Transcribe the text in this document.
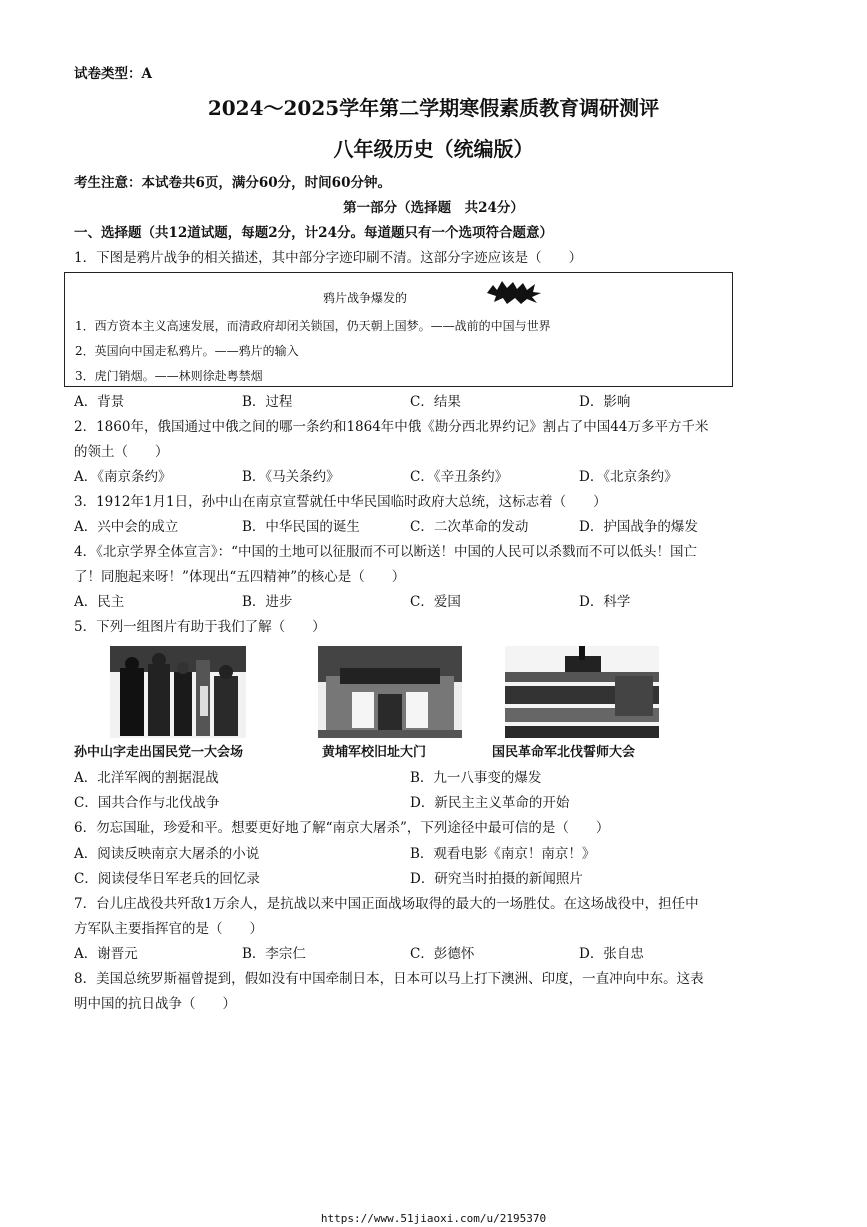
试卷类型：A
2024～2025学年第二学期寒假素质教育调研测评
八年级历史（统编版）
考生注意：本试卷共6页，满分60分，时间60分钟。
第一部分（选择题　共24分）
一、选择题（共12道试题，每题2分，计24分。每道题只有一个选项符合题意）
1．下图是鸦片战争的相关描述，其中部分字迹印刷不清。这部分字迹应该是（　　）
鸦片战争爆发的
1．西方资本主义高速发展，而清政府却闭关锁国，仍天朝上国梦。——战前的中国与世界
2．英国向中国走私鸦片。——鸦片的输入
3．虎门销烟。——林则徐赴粤禁烟
A．背景	B．过程	C．结果	D．影响
2．1860年，俄国通过中俄之间的哪一条约和1864年中俄《勘分西北界约记》割占了中国44万多平方千米
的领土（　　）
A．《南京条约》	B．《马关条约》	C．《辛丑条约》	D．《北京条约》
3．1912年1月1日，孙中山在南京宣誓就任中华民国临时政府大总统，这标志着（　　）
A．兴中会的成立	B．中华民国的诞生	C．二次革命的发动	D．护国战争的爆发
4．《北京学界全体宣言》：“中国的土地可以征服而不可以断送！中国的人民可以杀戮而不可以低头！国亡
了！同胞起来呀！”体现出“五四精神”的核心是（　　）
A．民主	B．进步	C．爱国	D．科学
5．下列一组图片有助于我们了解（　　）
孙中山字走出国民党一大会场	黄埔军校旧址大门	国民革命军北伐誓师大会
A．北洋军阀的割据混战	B．九一八事变的爆发
C．国共合作与北伐战争	D．新民主主义革命的开始
6．勿忘国耻，珍爱和平。想要更好地了解“南京大屠杀”，下列途径中最可信的是（　　）
A．阅读反映南京大屠杀的小说	B．观看电影《南京！南京！》
C．阅读侵华日军老兵的回忆录	D．研究当时拍摄的新闻照片
7．台儿庄战役共歼敌1万余人，是抗战以来中国正面战场取得的最大的一场胜仗。在这场战役中，担任中
方军队主要指挥官的是（　　）
A．谢晋元	B．李宗仁	C．彭德怀	D．张自忠
8．美国总统罗斯福曾提到，假如没有中国牵制日本，日本可以马上打下澳洲、印度，一直冲向中东。这表
明中国的抗日战争（　　）
https://www.51jiaoxi.com/u/2195370
